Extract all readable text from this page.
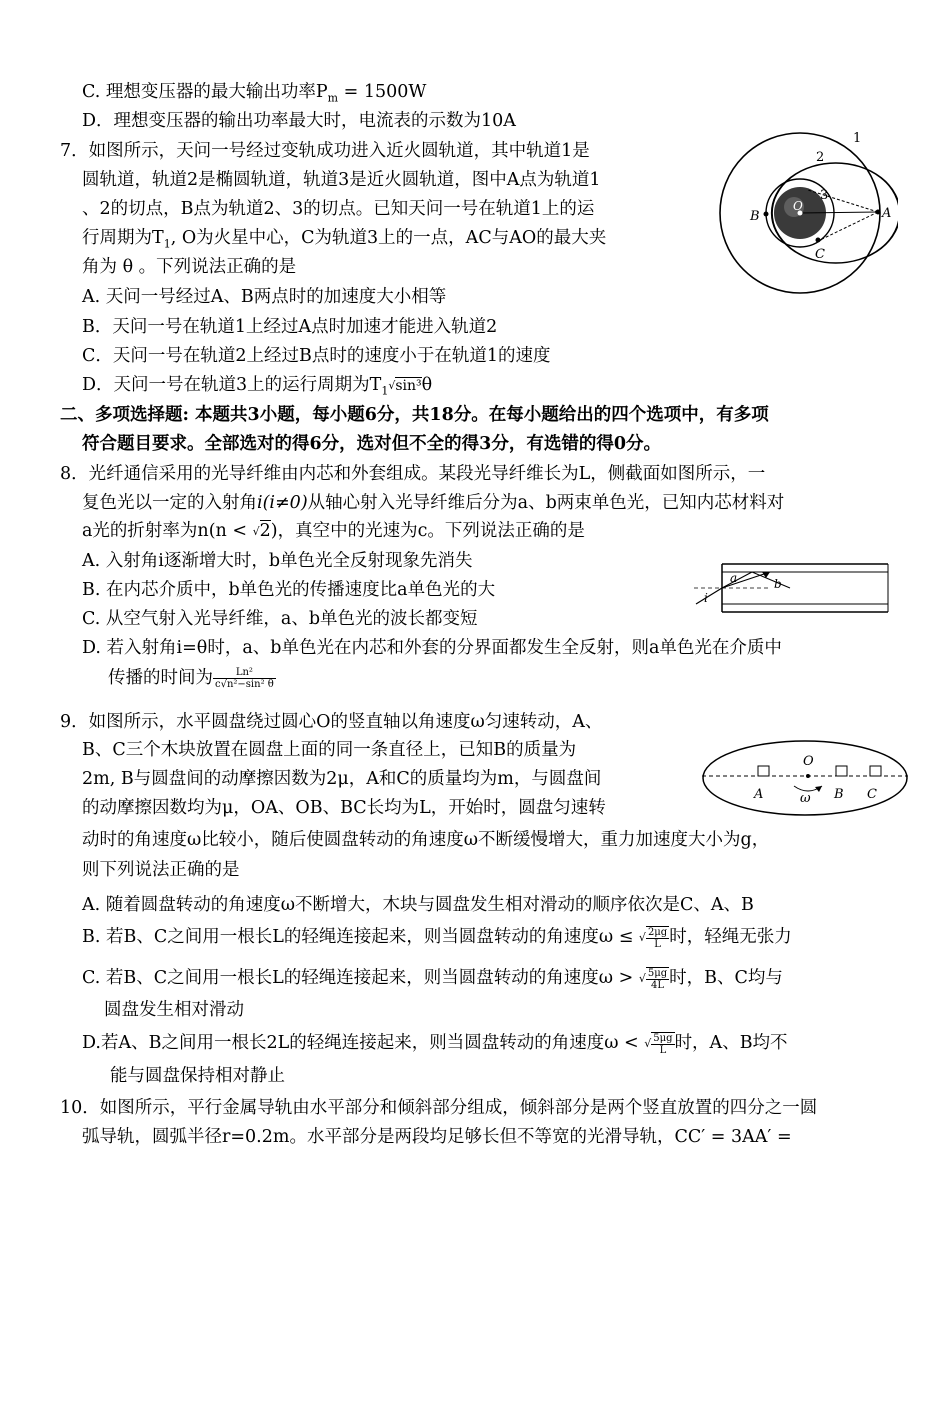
C. 理想变压器的最大输出功率$P_m = 1500W$
D．理想变压器的输出功率最大时，电流表的示数为10A
7．如图所示，天问一号经过变轨成功进入近火圆轨道，其中轨道1是
圆轨道，轨道2是椭圆轨道，轨道3是近火圆轨道，图中A点为轨道1
、2的切点，B点为轨道2、3的切点。已知天问一号在轨道1上的运
行周期为$T_1$, O为火星中心，C为轨道3上的一点，AC与AO的最大夹
角为 θ 。下列说法正确的是
A. 天问一号经过A、B两点时的加速度大小相等
B．天问一号在轨道1上经过A点时加速才能进入轨道2
C．天问一号在轨道2上经过B点时的速度小于在轨道1的速度
D．天问一号在轨道3上的运行周期为$T_1√\sin^3\theta$
1
2
3
A
B
C
O
二、多项选择题: 本题共3小题，每小题6分，共18分。在每小题给出的四个选项中，有多项
符合题目要求。全部选对的得6分，选对但不全的得3分，有选错的得0分。
8．光纤通信采用的光导纤维由内芯和外套组成。某段光导纤维长为L，侧截面如图所示，一
复色光以一定的入射角i(i≠0)从轴心射入光导纤维后分为a、b两束单色光，已知内芯材料对
a光的折射率为n(n < √2)，真空中的光速为c。下列说法正确的是
A. 入射角i逐渐增大时，b单色光全反射现象先消失
B. 在内芯介质中，b单色光的传播速度比a单色光的大
C. 从空气射入光导纤维，a、b单色光的波长都变短
D. 若入射角i=θ时，a、b单色光在内芯和外套的分界面都发生全反射，则a单色光在介质中
传播的时间为 $\frac{\text{Ln²}}{\text{c√n²−sin² θ}}$
a	b
i
9．如图所示，水平圆盘绕过圆心O的竖直轴以角速度ω匀速转动，A、
B、C三个木块放置在圆盘上面的同一条直径上，已知B的质量为
2m, B与圆盘间的动摩擦因数为2μ，A和C的质量均为m，与圆盘间
的动摩擦因数均为μ，OA、OB、BC长均为L，开始时，圆盘匀速转
动时的角速度ω比较小，随后使圆盘转动的角速度ω不断缓慢增大，重力加速度大小为g，
则下列说法正确的是
A. 随着圆盘转动的角速度ω不断增大，木块与圆盘发生相对滑动的顺序依次是C、A、B
B. 若B、C之间用一根长L的轻绳连接起来，则当圆盘转动的角速度ω ≤ √ $\frac{2\mu g}{L}$ 时，轻绳无张力
C. 若B、C之间用一根长L的轻绳连接起来，则当圆盘转动的角速度ω > √ $\frac{5\mu g}{4L}$ 时，B、C均与
圆盘发生相对滑动
D.若A、B之间用一根长2L的轻绳连接起来，则当圆盘转动的角速度ω < √ $\frac{5\mu g}{L}$ 时，A、B均不
能与圆盘保持相对静止
O
A	ω B C
10．如图所示，平行金属导轨由水平部分和倾斜部分组成，倾斜部分是两个竖直放置的四分之一圆
弧导轨，圆弧半径r=0.2m。水平部分是两段均足够长但不等宽的光滑导轨，CC′ = 3AA′ =
